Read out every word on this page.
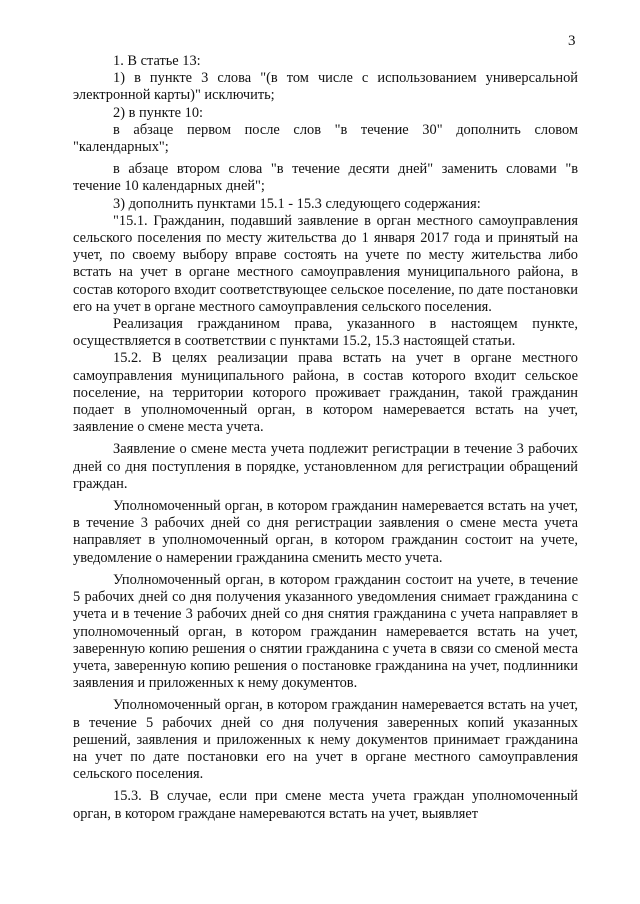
3

1. В статье 13:

1) в пункте 3 слова "(в том числе с использованием универсальной электронной карты)" исключить;

2) в пункте 10:

в абзаце первом после слов "в течение 30" дополнить словом "календарных";

в абзаце втором слова "в течение десяти дней" заменить словами "в течение 10 календарных дней";

3) дополнить пунктами 15.1 - 15.3 следующего содержания:

"15.1. Гражданин, подавший заявление в орган местного самоуправления сельского поселения по месту жительства до 1 января 2017 года и принятый на учет, по своему выбору вправе состоять на учете по месту жительства либо встать на учет в органе местного самоуправления муниципального района, в состав которого входит соответствующее сельское поселение, по дате постановки его на учет в органе местного самоуправления сельского поселения.

Реализация гражданином права, указанного в настоящем пункте, осуществляется в соответствии с пунктами 15.2, 15.3 настоящей статьи.

15.2. В целях реализации права встать на учет в органе местного самоуправления муниципального района, в состав которого входит сельское поселение, на территории которого проживает гражданин, такой гражданин подает в уполномоченный орган, в котором намеревается встать на учет, заявление о смене места учета.

Заявление о смене места учета подлежит регистрации в течение 3 рабочих дней со дня поступления в порядке, установленном для регистрации обращений граждан.

Уполномоченный орган, в котором гражданин намеревается встать на учет, в течение 3 рабочих дней со дня регистрации заявления о смене места учета направляет в уполномоченный орган, в котором гражданин состоит на учете, уведомление о намерении гражданина сменить место учета.

Уполномоченный орган, в котором гражданин состоит на учете, в течение 5 рабочих дней со дня получения указанного уведомления снимает гражданина с учета и в течение 3 рабочих дней со дня снятия гражданина с учета направляет в уполномоченный орган, в котором гражданин намеревается встать на учет, заверенную копию решения о снятии гражданина с учета в связи со сменой места учета, заверенную копию решения о постановке гражданина на учет, подлинники заявления и приложенных к нему документов.

Уполномоченный орган, в котором гражданин намеревается встать на учет, в течение 5 рабочих дней со дня получения заверенных копий указанных решений, заявления и приложенных к нему документов принимает гражданина на учет по дате постановки его на учет в органе местного самоуправления сельского поселения.

15.3. В случае, если при смене места учета граждан уполномоченный орган, в котором граждане намереваются встать на учет, выявляет
